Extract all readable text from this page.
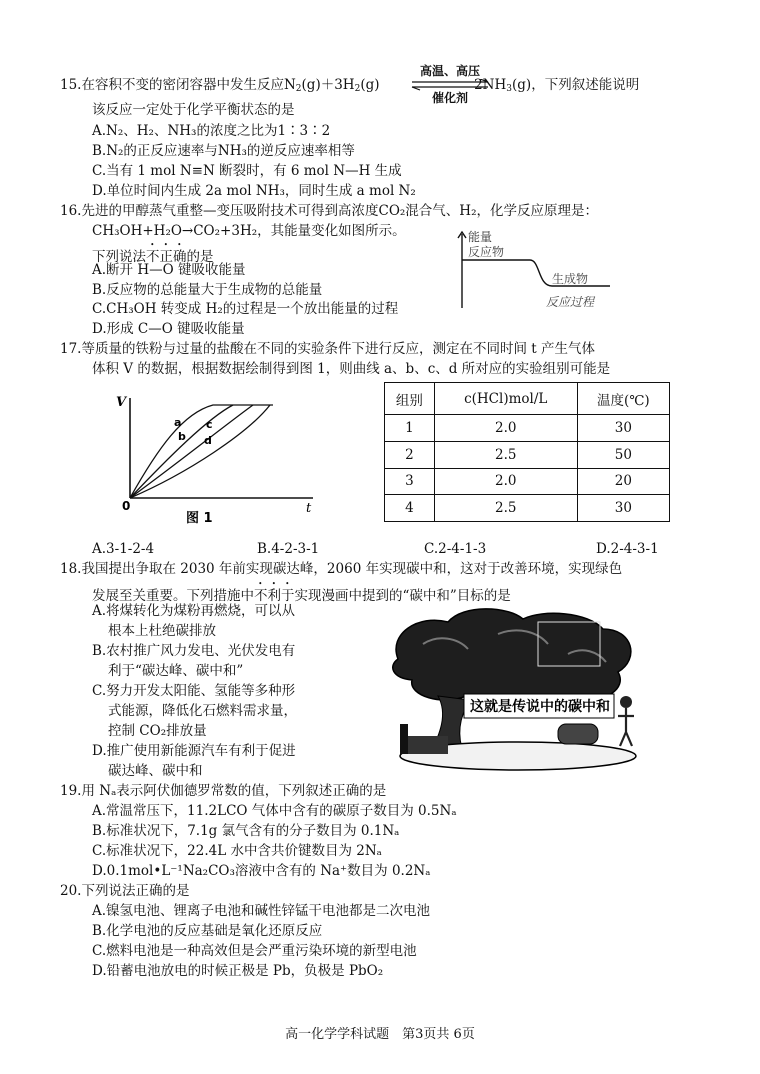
15.在容积不变的密闭容器中发生反应$N_2(g)+3H_2(g)$	$2NH_3(g)$，下列叙述能说明
高温、高压
催化剂
该反应一定处于化学平衡状态的是
A.N₂、H₂、NH₃的浓度之比为1∶3∶2
B.N₂的正反应速率与NH₃的逆反应速率相等
C.当有 1 mol N≡N 断裂时，有 6 mol N—H 生成
D.单位时间内生成 2a mol NH₃，同时生成 a mol N₂
16.先进的甲醇蒸气重整—变压吸附技术可得到高浓度CO₂混合气、H₂，化学反应原理是：
CH₃OH+H₂O→CO₂+3H₂，其能量变化如图所示。
下列说法不正确的是
A.断开 H—O 键吸收能量
B.反应物的总能量大于生成物的总能量
C.CH₃OH 转变成 H₂的过程是一个放出能量的过程
D.形成 C—O 键吸收能量
能量
反应物
生成物
反应过程
17.等质量的铁粉与过量的盐酸在不同的实验条件下进行反应，测定在不同时间 t 产生气体
体积 V 的数据，根据数据绘制得到图 1，则曲线 a、b、c、d 所对应的实验组别可能是
V
t
0
a
b
c
d
图 1
组别	c(HCl)mol/L	温度(℃)
1	2.0	30
2	2.5	50
3	2.0	20
4	2.5	30
A.3-1-2-4	B.4-2-3-1	C.2-4-1-3	D.2-4-3-1
18.我国提出争取在 2030 年前实现碳达峰，2060 年实现碳中和，这对于改善环境，实现绿色
发展至关重要。下列措施中不利于实现漫画中提到的“碳中和”目标的是
A.将煤转化为煤粉再燃烧，可以从
根本上杜绝碳排放
B.农村推广风力发电、光伏发电有
利于“碳达峰、碳中和”
C.努力开发太阳能、氢能等多种形
式能源，降低化石燃料需求量，
控制 CO₂排放量
D.推广使用新能源汽车有利于促进
碳达峰、碳中和
这就是传说中的碳中和
19.用 Nₐ表示阿伏伽德罗常数的值，下列叙述正确的是
A.常温常压下，11.2LCO 气体中含有的碳原子数目为 0.5Nₐ
B.标准状况下，7.1g 氯气含有的分子数目为 0.1Nₐ
C.标准状况下，22.4L 水中含共价键数目为 2Nₐ
D.0.1mol•L⁻¹Na₂CO₃溶液中含有的 Na⁺数目为 0.2Nₐ
20.下列说法正确的是
A.镍氢电池、锂离子电池和碱性锌锰干电池都是二次电池
B.化学电池的反应基础是氧化还原反应
C.燃料电池是一种高效但是会严重污染环境的新型电池
D.铅蓄电池放电的时候正极是 Pb，负极是 PbO₂
高一化学学科试题　第3页共 6页
